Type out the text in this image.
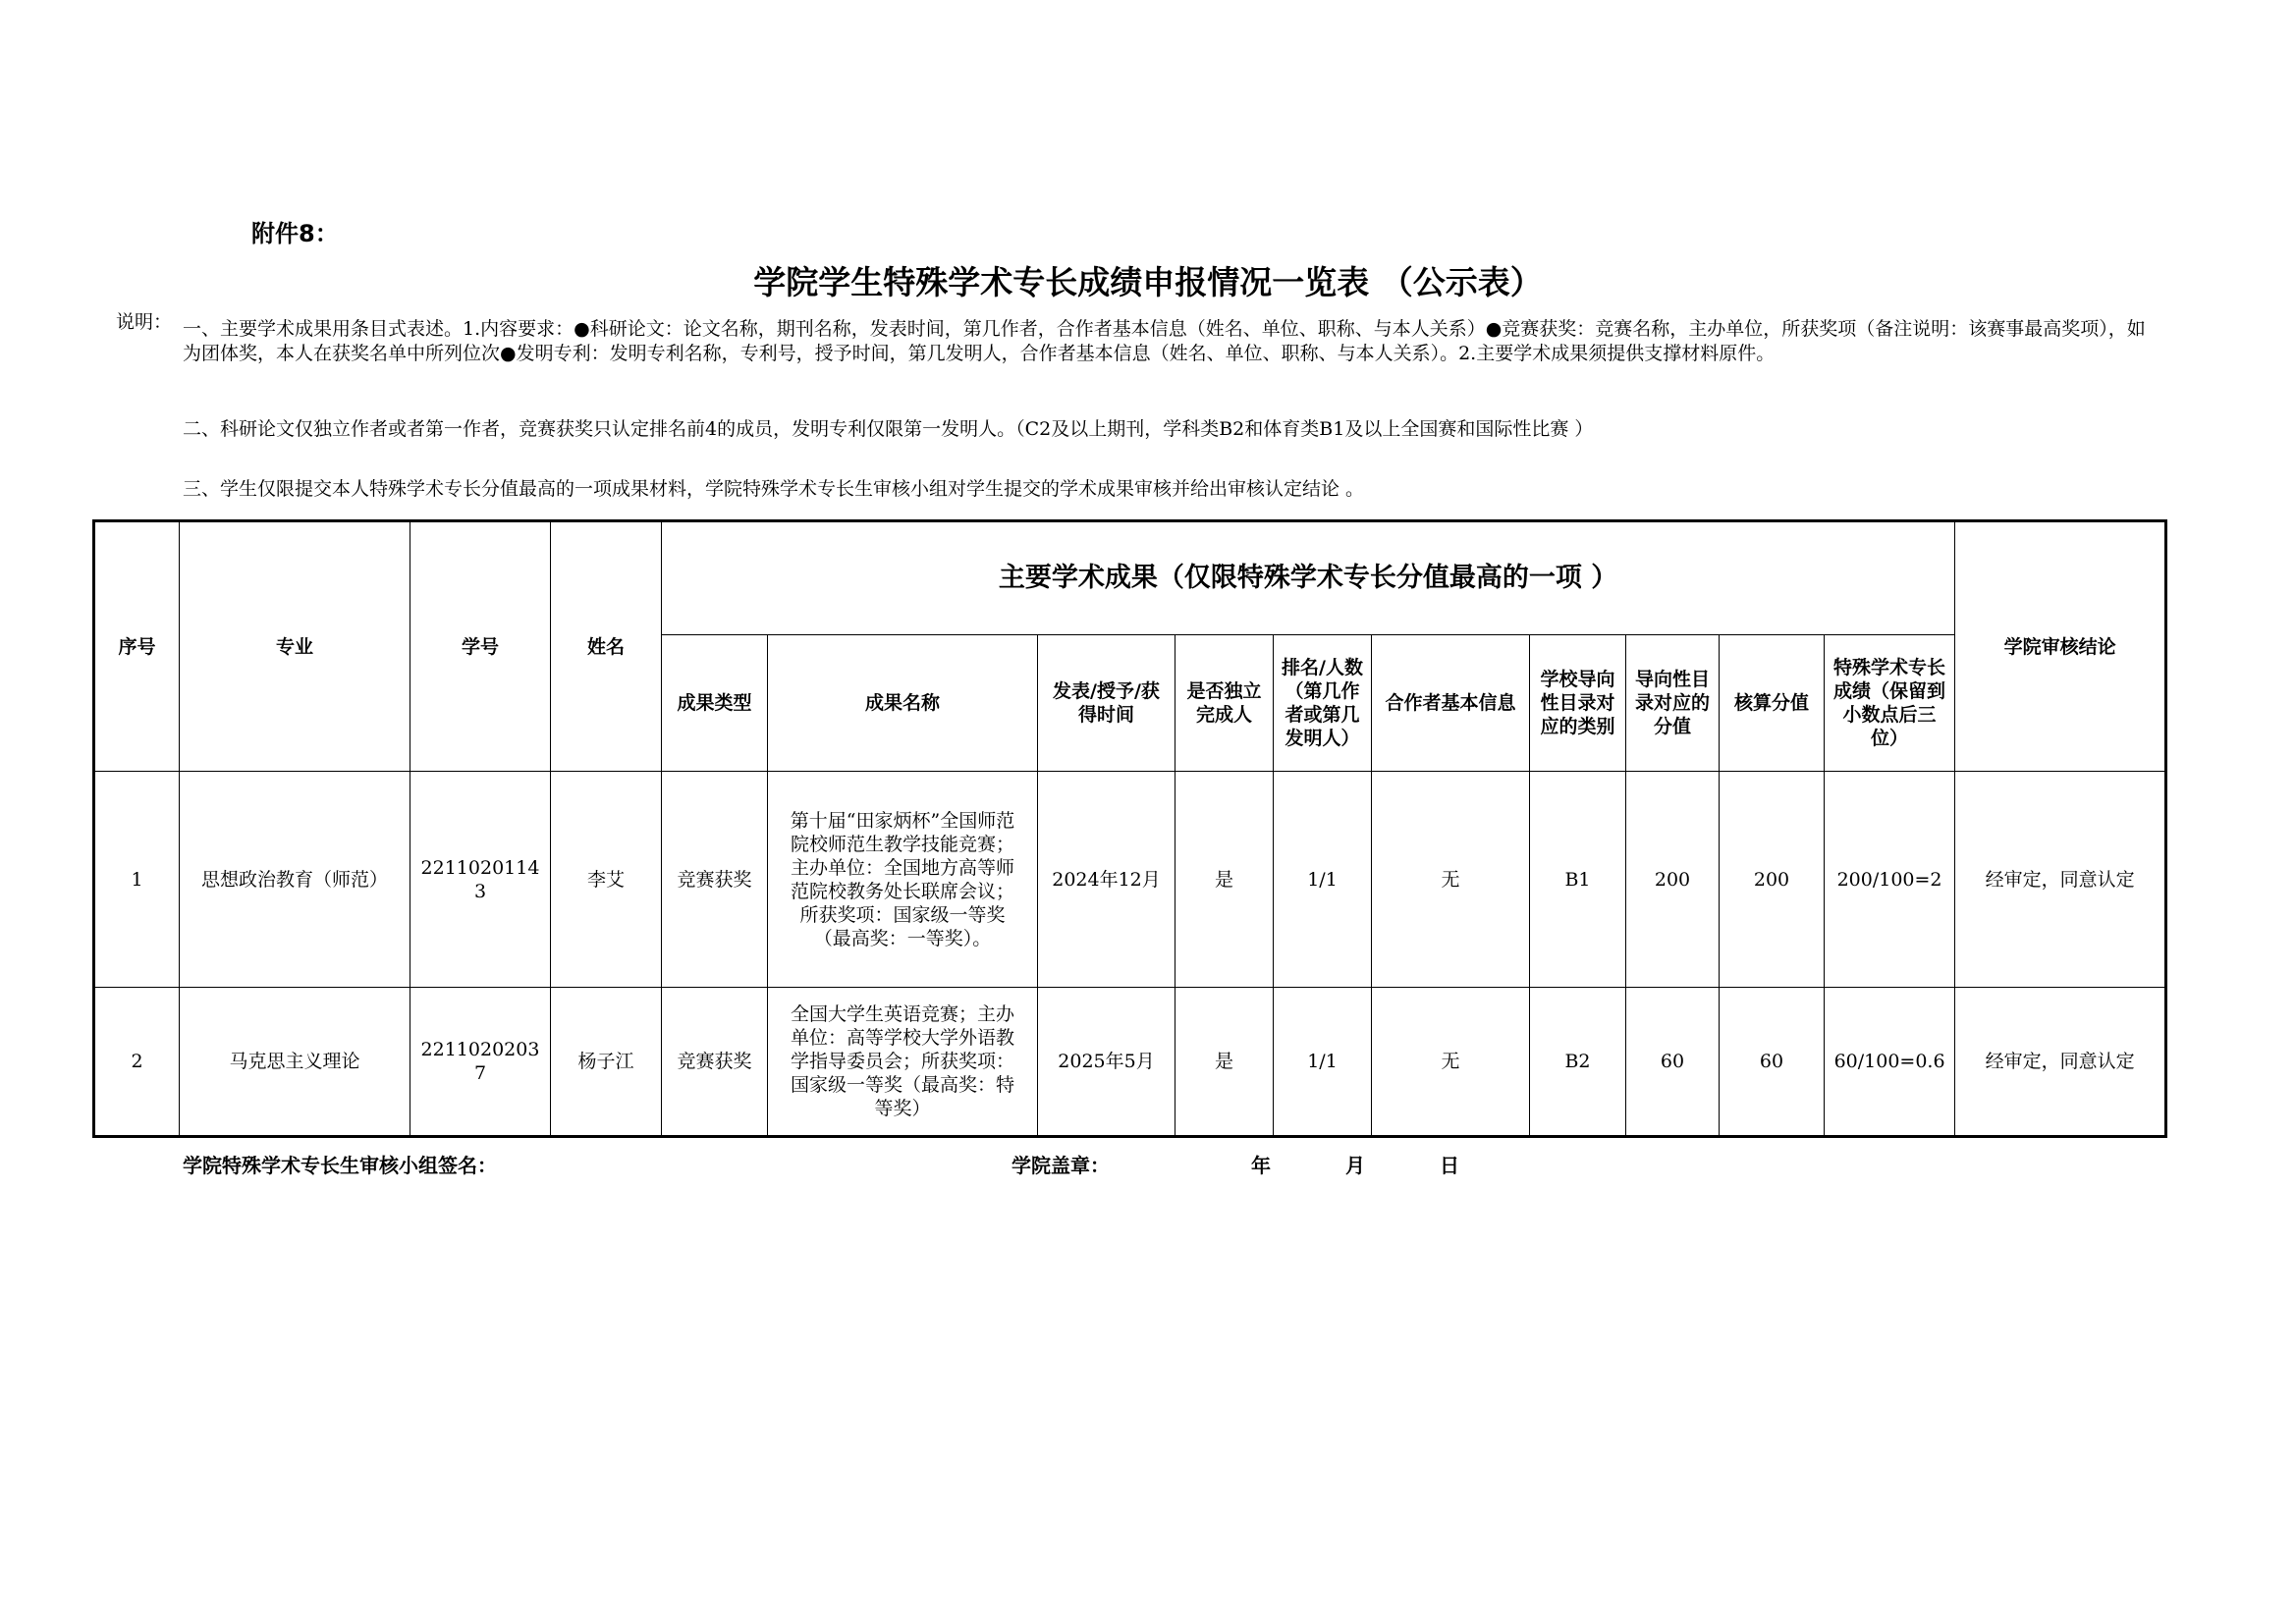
附件8：
学院学生特殊学术专长成绩申报情况一览表 （公示表）
说明： 一、主要学术成果用条目式表述。1.内容要求：●科研论文：论文名称，期刊名称，发表时间，第几作者，合作者基本信息（姓名、单位、职称、与本人关系）●竞赛获奖：竞赛名称，主办单位，所获奖项（备注说明：该赛事最高奖项），如为团体奖，本人在获奖名单中所列位次●发明专利：发明专利名称，专利号，授予时间，第几发明人，合作者基本信息（姓名、单位、职称、与本人关系）。2.主要学术成果须提供支撑材料原件。
二、科研论文仅独立作者或者第一作者，竞赛获奖只认定排名前4的成员，发明专利仅限第一发明人。（C2及以上期刊，学科类B2和体育类B1及以上全国赛和国际性比赛 ）
三、学生仅限提交本人特殊学术专长分值最高的一项成果材料，学院特殊学术专长生审核小组对学生提交的学术成果审核并给出审核认定结论 。
序号	专业	学号	姓名	主要学术成果（仅限特殊学术专长分值最高的一项 ）										学院审核结论
				成果类型	成果名称	发表/授予/获得时间	是否独立完成人	排名/人数（第几作者或第几发明人）	合作者基本信息	学校导向性目录对应的类别	导向性目录对应的分值	核算分值	特殊学术专长成绩（保留到小数点后三位）	
1	思想政治教育（师范）	22110201143	李艾	竞赛获奖	第十届“田家炳杯”全国师范院校师范生教学技能竞赛；主办单位：全国地方高等师范院校教务处长联席会议；所获奖项：国家级一等奖（最高奖：一等奖）。	2024年12月	是	1/1	无	B1	200	200	200/100=2	经审定，同意认定
2	马克思主义理论	22110202037	杨子江	竞赛获奖	全国大学生英语竞赛；主办单位：高等学校大学外语教学指导委员会；所获奖项：国家级一等奖（最高奖：特等奖）	2025年5月	是	1/1	无	B2	60	60	60/100=0.6	经审定，同意认定
学院特殊学术专长生审核小组签名：	学院盖章：	年	月	日
